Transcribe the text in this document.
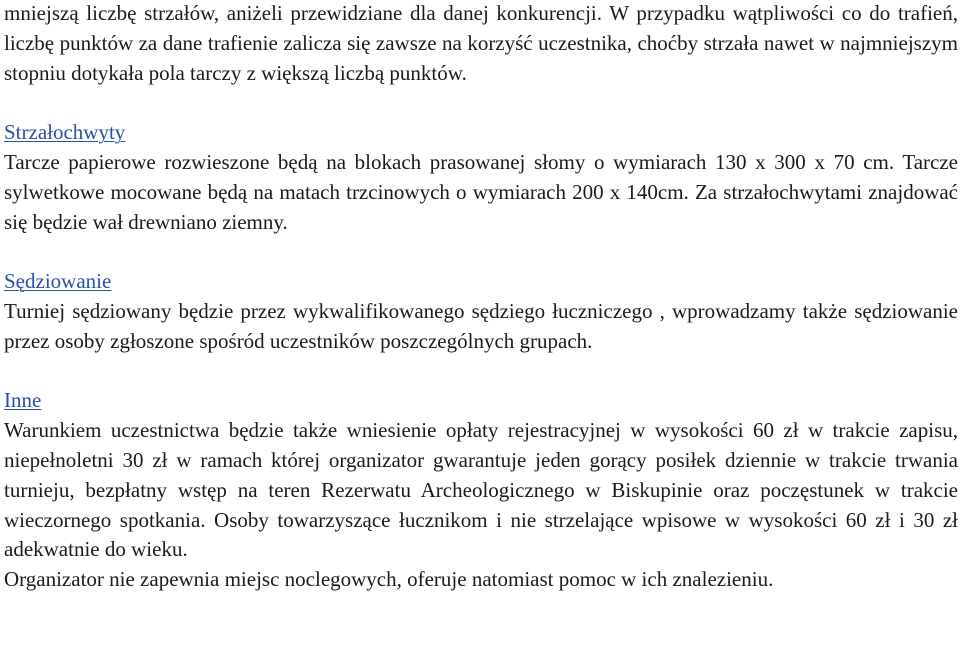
mniejszą liczbę strzałów, aniżeli przewidziane dla danej konkurencji. W przypadku wątpliwości co do trafień, liczbę punktów za dane trafienie zalicza się zawsze na korzyść uczestnika, choćby strzała nawet w najmniejszym stopniu dotykała pola tarczy z większą liczbą punktów.

Strzałochwyty

Tarcze papierowe rozwieszone będą na blokach prasowanej słomy o wymiarach 130 x 300 x 70 cm. Tarcze sylwetkowe mocowane będą na matach trzcinowych o wymiarach 200 x 140cm. Za strzałochwytami znajdować się będzie wał drewniano ziemny.

Sędziowanie

Turniej sędziowany będzie przez wykwalifikowanego sędziego łuczniczego , wprowadzamy także sędziowanie przez osoby zgłoszone spośród uczestników poszczególnych grupach.

Inne

Warunkiem uczestnictwa będzie także wniesienie opłaty rejestracyjnej w wysokości 60 zł w trakcie zapisu, niepełnoletni 30 zł w ramach której organizator gwarantuje jeden gorący posiłek dziennie w trakcie trwania turnieju, bezpłatny wstęp na teren Rezerwatu Archeologicznego w Biskupinie oraz poczęstunek w trakcie wieczornego spotkania. Osoby towarzyszące łucznikom i nie strzelające wpisowe w wysokości 60 zł i 30 zł adekwatnie do wieku.

Organizator nie zapewnia miejsc noclegowych, oferuje natomiast pomoc w ich znalezieniu.
